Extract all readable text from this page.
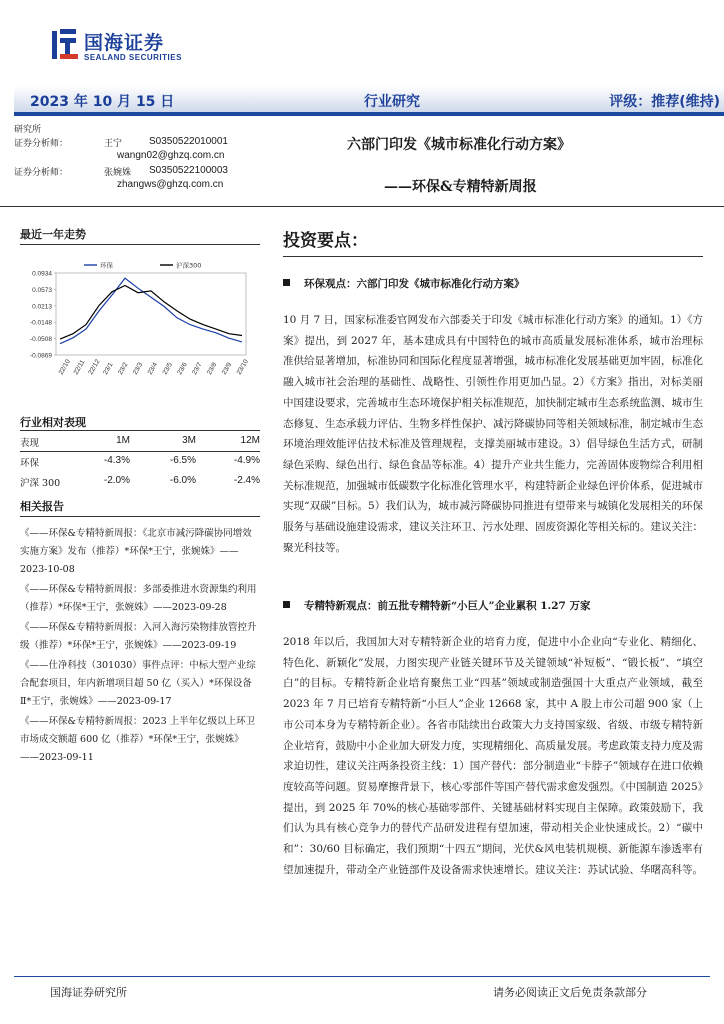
国海证券
SEALAND SECURITIES
2023 年 10 月 15 日	行业研究	评级：推荐(维持)
研究所
证券分析师：	王宁	S0350522010001
wangn02@ghzq.com.cn
证券分析师：	张婉姝 S0350522100003
zhangws@ghzq.com.cn
六部门印发《城市标准化行动方案》
——环保&专精特新周报
最近一年走势
0.0934
0.0573
0.0213
-0.0148
-0.0508
-0.0869
22/10 22/11 22/12 23/1 23/2 23/3 23/4 23/5 23/6 23/7 23/8 23/9 23/10
环保	沪深300
行业相对表现
表现	1M	3M	12M
环保	-4.3%	-6.5%	-4.9%
沪深 300	-2.0%	-6.0%	-2.4%
相关报告
《——环保&专精特新周报：《北京市减污降碳协同增效实施方案》发布（推荐）*环保*王宁，张婉姝》——2023-10-08
《——环保&专精特新周报：多部委推进水资源集约利用（推荐）*环保*王宁，张婉姝》——2023-09-28
《——环保&专精特新周报：入河入海污染物排放管控升级（推荐）*环保*王宁，张婉姝》——2023-09-19
《——仕净科技（301030）事件点评：中标大型产业综合配套项目，年内新增项目超 50 亿（买入）*环保设备Ⅱ*王宁，张婉姝》——2023-09-17
《——环保&专精特新周报：2023 上半年亿级以上环卫市场成交额超 600 亿（推荐）*环保*王宁，张婉姝》——2023-09-11
投资要点：
环保观点：六部门印发《城市标准化行动方案》
10 月 7 日，国家标准委官网发布六部委关于印发《城市标准化行动方案》的通知。1）《方案》提出，到 2027 年，基本建成具有中国特色的城市高质量发展标准体系，城市治理标准供给显著增加，标准协同和国际化程度显著增强，城市标准化发展基础更加牢固，标准化融入城市社会治理的基础性、战略性、引领性作用更加凸显。2）《方案》指出，对标美丽中国建设要求，完善城市生态环境保护相关标准规范，加快制定城市生态系统监测、城市生态修复、生态承载力评估、生物多样性保护、减污降碳协同等相关领域标准，制定城市生态环境治理效能评估技术标准及管理规程，支撑美丽城市建设。3）倡导绿色生活方式，研制绿色采购、绿色出行、绿色食品等标准。4）提升产业共生能力，完善固体废物综合利用相关标准规范，加强城市低碳数字化标准化管理水平，构建特新企业绿色评价体系，促进城市实现“双碳”目标。5）我们认为，城市减污降碳协同推进有望带来与城镇化发展相关的环保服务与基础设施建设需求，建议关注环卫、污水处理、固废资源化等相关标的。建议关注：聚光科技等。
专精特新观点：前五批专精特新“小巨人”企业累积 1.27 万家
2018 年以后，我国加大对专精特新企业的培育力度，促进中小企业向“专业化、精细化、特色化、新颖化”发展，力图实现产业链关键环节及关键领域“补短板”、“锻长板”、“填空白”的目标。专精特新企业培育聚焦工业“四基”领域或制造强国十大重点产业领域，截至 2023 年 7 月已培育专精特新“小巨人”企业 12668 家，其中 A 股上市公司超 900 家（上市公司本身为专精特新企业）。各省市陆续出台政策大力支持国家级、省级、市级专精特新企业培育，鼓励中小企业加大研发力度，实现精细化、高质量发展。考虑政策支持力度及需求迫切性，建议关注两条投资主线：1）国产替代：部分制造业“卡脖子”领域存在进口依赖度较高等问题。贸易摩擦背景下，核心零部件等国产替代需求愈发强烈。《中国制造 2025》提出，到 2025 年 70%的核心基础零部件、关键基础材料实现自主保障。政策鼓励下，我们认为具有核心竞争力的替代产品研发进程有望加速，带动相关企业快速成长。2）“碳中和”：30/60 目标确定，我们预期“十四五”期间，光伏&风电装机规模、新能源车渗透率有望加速提升，带动全产业链部件及设备需求快速增长。建议关注：苏试试验、华曙高科等。
国海证券研究所	请务必阅读正文后免责条款部分
